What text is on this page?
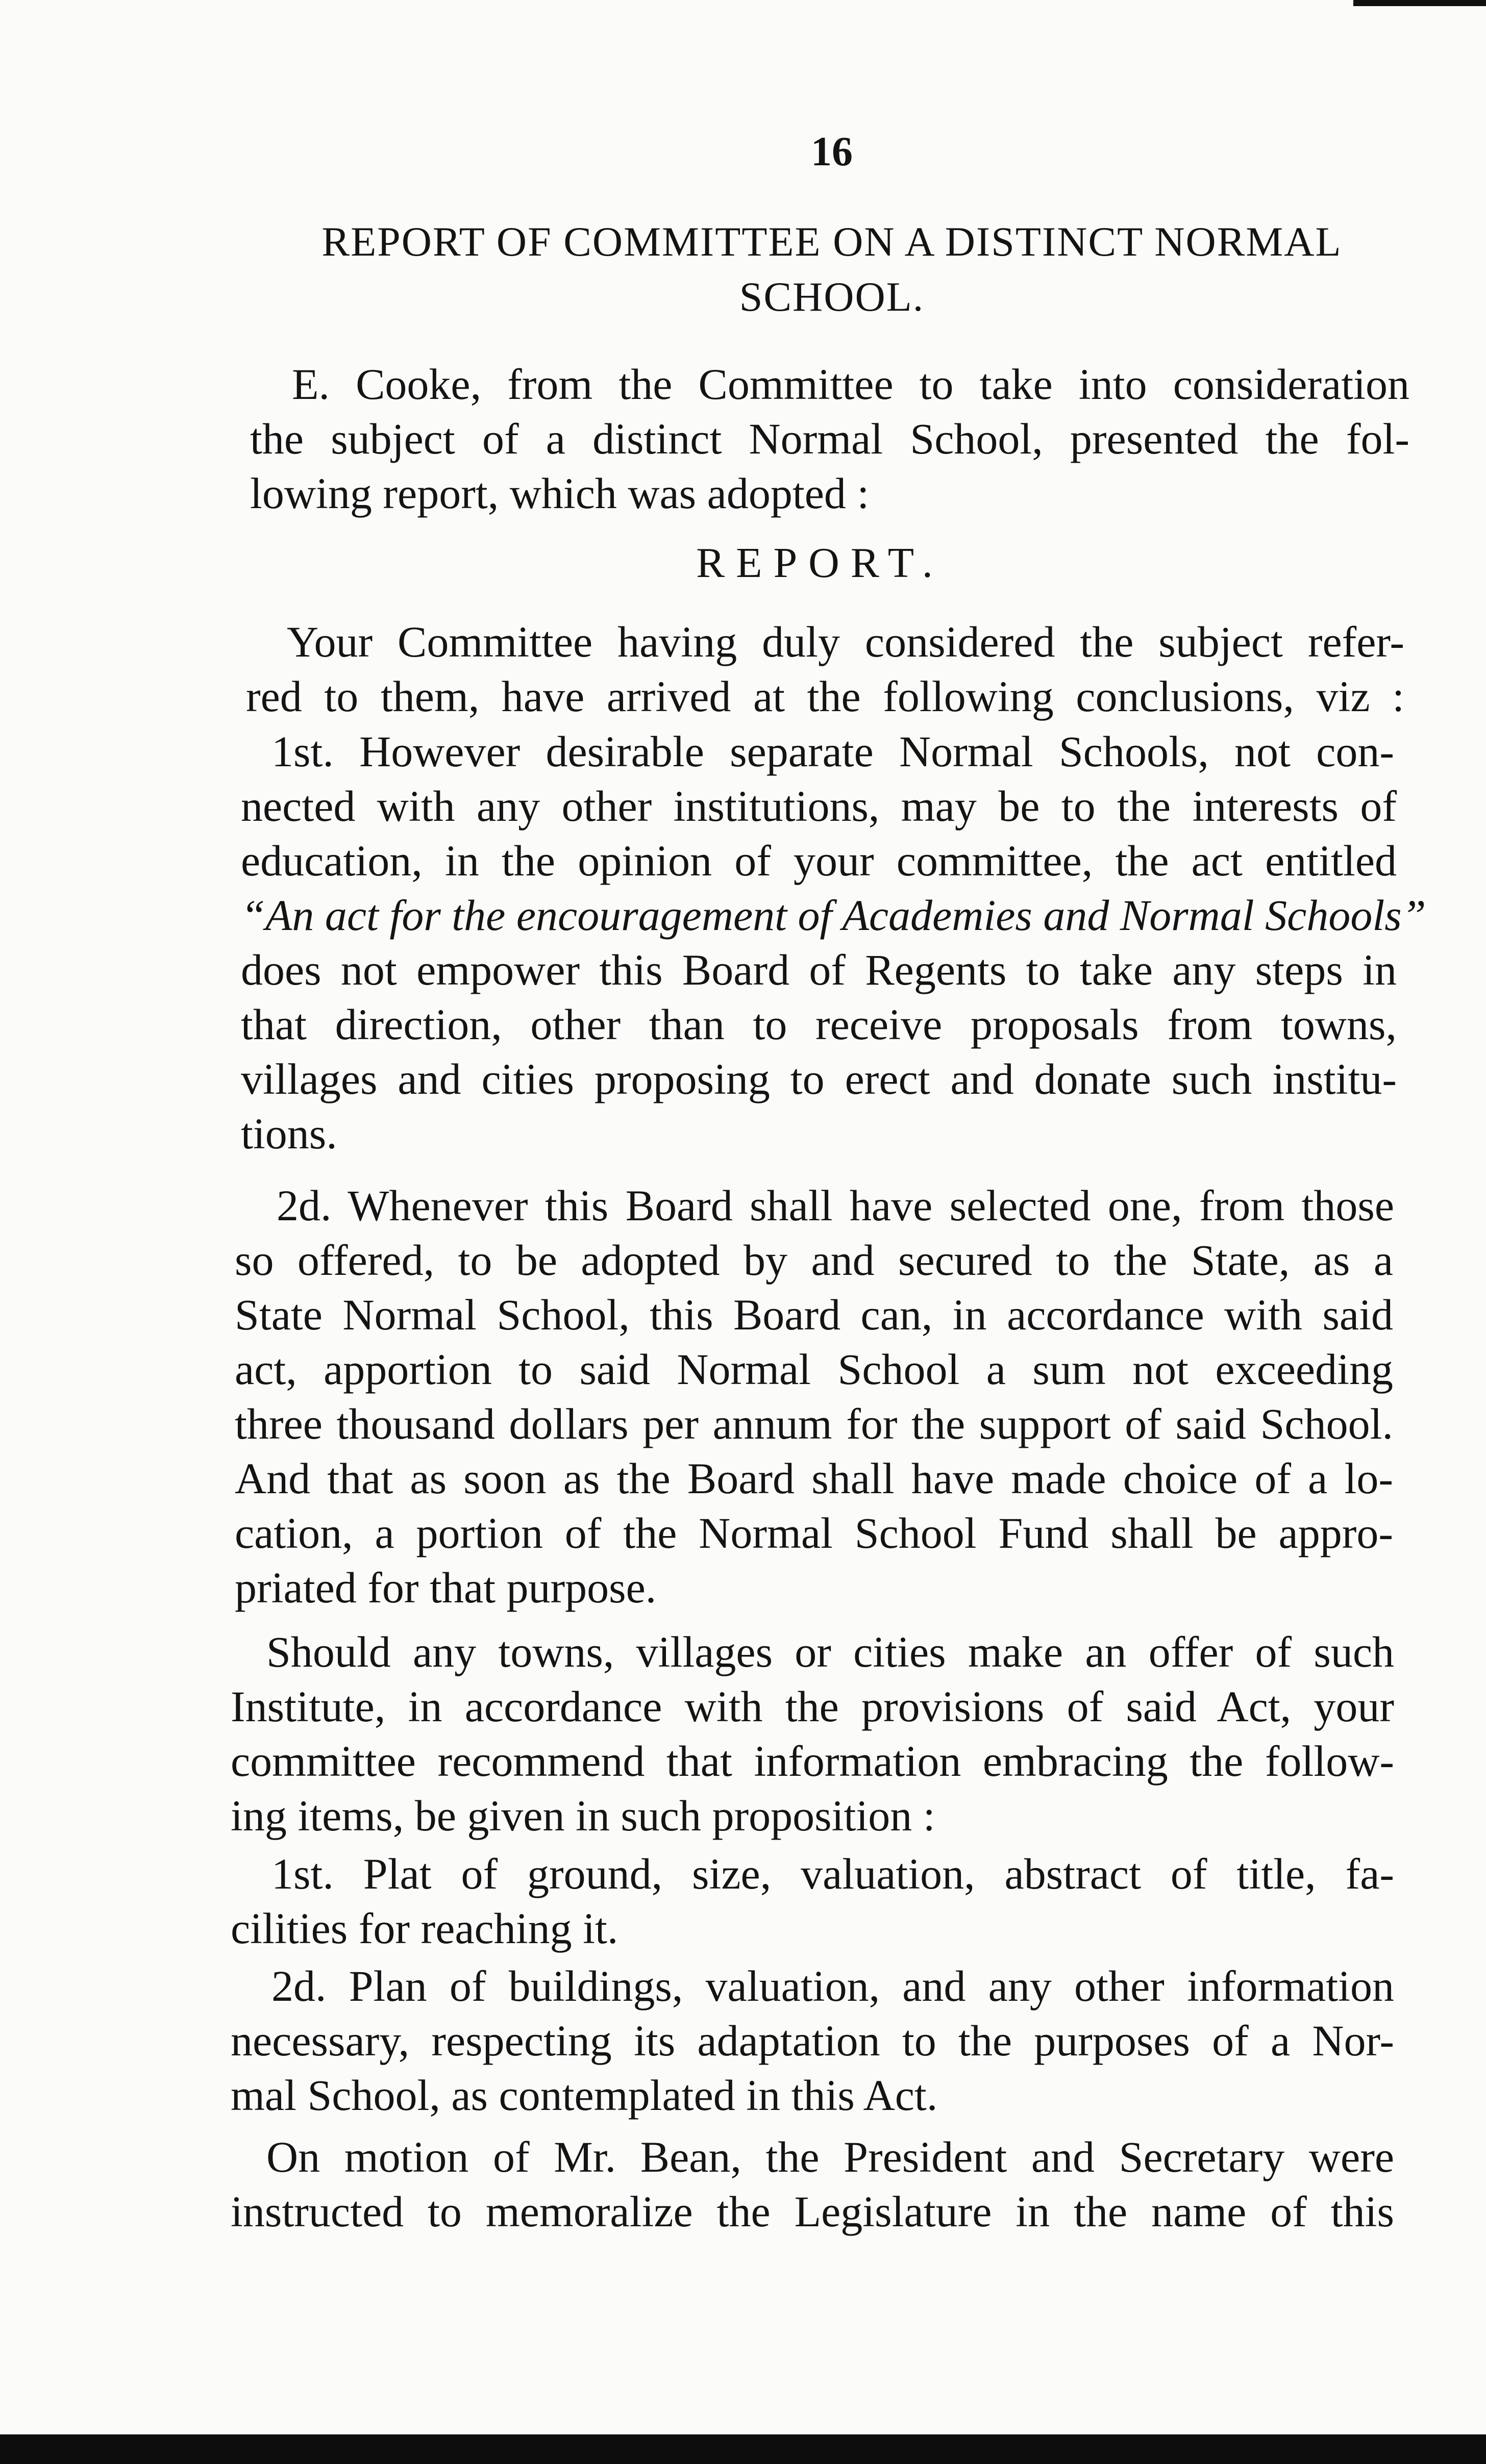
16
REPORT OF COMMITTEE ON A DISTINCT NORMAL
SCHOOL.
E. Cooke, from the Committee to take into consideration
the subject of a distinct Normal School, presented the fol-
lowing report, which was adopted :
REPORT.
Your Committee having duly considered the subject refer-
red to them, have arrived at the following conclusions, viz :
1st. However desirable separate Normal Schools, not con-
nected with any other institutions, may be to the interests of
education, in the opinion of your committee, the act entitled
“An act for the encouragement of Academies and Normal Schools”
does not empower this Board of Regents to take any steps in
that direction, other than to receive proposals from towns,
villages and cities proposing to erect and donate such institu-
tions.
2d. Whenever this Board shall have selected one, from those
so offered, to be adopted by and secured to the State, as a
State Normal School, this Board can, in accordance with said
act, apportion to said Normal School a sum not exceeding
three thousand dollars per annum for the support of said School.
And that as soon as the Board shall have made choice of a lo-
cation, a portion of the Normal School Fund shall be appro-
priated for that purpose.
Should any towns, villages or cities make an offer of such
Institute, in accordance with the provisions of said Act, your
committee recommend that information embracing the follow-
ing items, be given in such proposition :
1st. Plat of ground, size, valuation, abstract of title, fa-
cilities for reaching it.
2d. Plan of buildings, valuation, and any other information
necessary, respecting its adaptation to the purposes of a Nor-
mal School, as contemplated in this Act.
On motion of Mr. Bean, the President and Secretary were
instructed to memoralize the Legislature in the name of this
